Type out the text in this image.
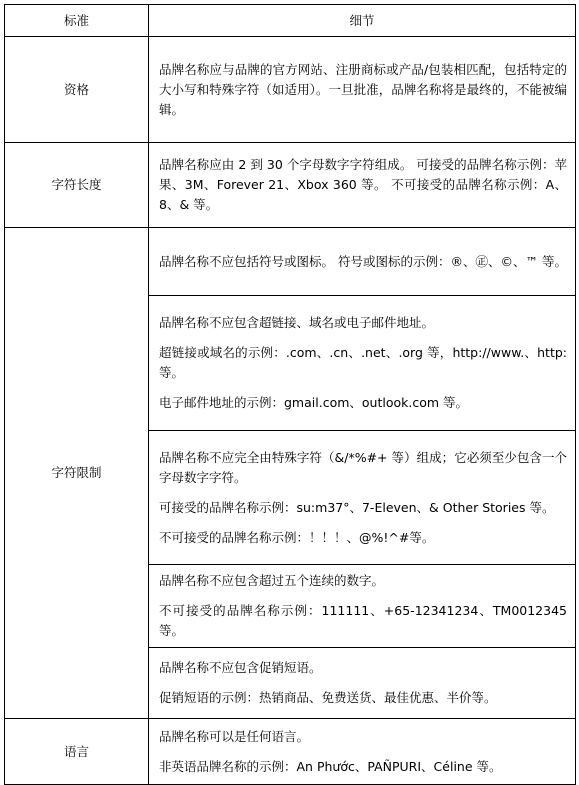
标准	细节
资格	品牌名称应与品牌的官方网站、注册商标或产品/包装相匹配，包括特定的大小写和特殊字符（如适用）。一旦批准，品牌名称将是最终的，不能被编辑。

字符长度	品牌名称应由 2 到 30 个字母数字字符组成。 可接受的品牌名称示例：苹果、3M、Forever 21、Xbox 360 等。 不可接受的品牌名称示例：A、8、& 等。

字符限制	品牌名称不应包括符号或图标。 符号或图标的示例：®、㊣、©、™ 等。

	品牌名称不应包含超链接、域名或电子邮件地址。

超链接或域名的示例：.com、.cn、.net、.org 等，http://www.、http: 等。

电子邮件地址的示例：gmail.com、outlook.com 等。

	品牌名称不应完全由特殊字符（&/*%#+ 等）组成；它必须至少包含一个字母数字字符。

可接受的品牌名称示例：su:m37°、7-Eleven、& Other Stories 等。

不可接受的品牌名称示例：！！！、@%!^#等。

	品牌名称不应包含超过五个连续的数字。

不可接受的品牌名称示例：111111、+65-12341234、TM0012345 等。

	品牌名称不应包含促销短语。

促销短语的示例：热销商品、免费送货、最佳优惠、半价等。

语言	品牌名称可以是任何语言。

非英语品牌名称的示例：An Phước、PAÑPURI、Céline 等。
